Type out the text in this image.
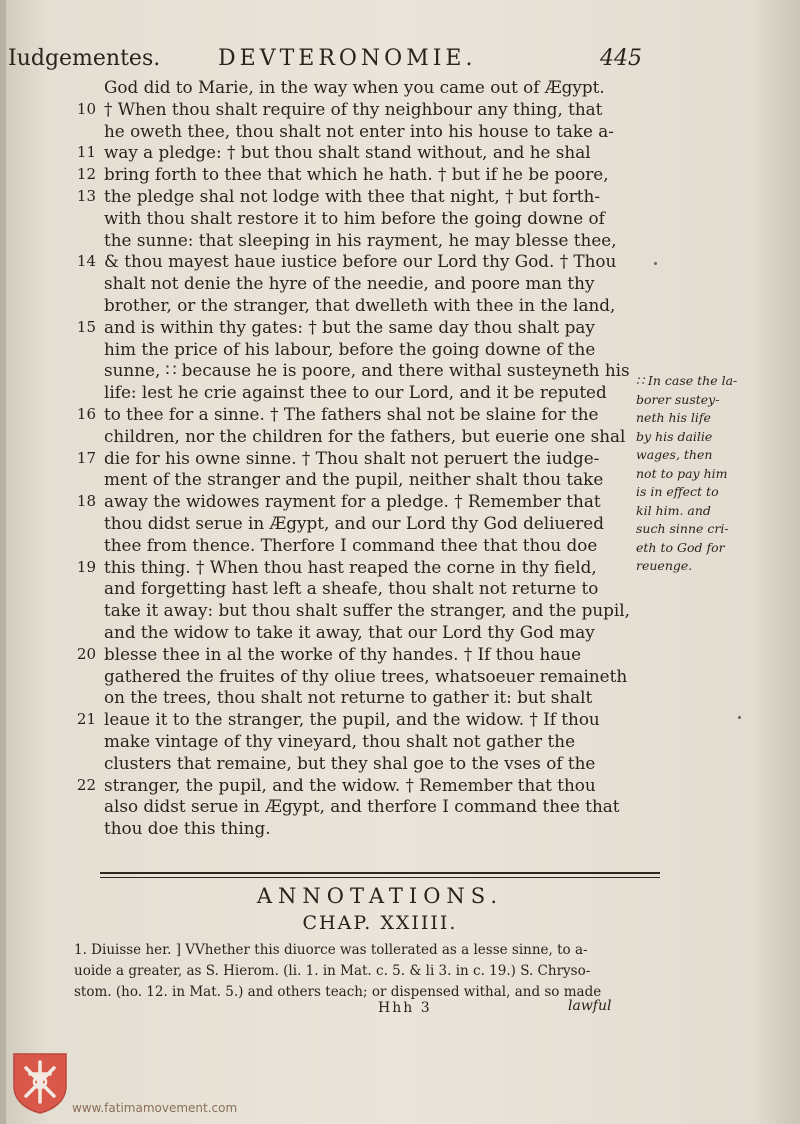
Iudgementes.	DEVTERONOMIE.	445
God did to Marie, in the way when you came out of Ægypt.
10 † When thou shalt require of thy neighbour any thing, that
he oweth thee, thou shalt not enter into his house to take a-
11 way a pledge: † but thou shalt stand without, and he shal
12 bring forth to thee that which he hath. † but if he be poore,
13 the pledge shal not lodge with thee that night, † but forth-
with thou shalt restore it to him before the going downe of
the sunne: that sleeping in his rayment, he may blesse thee,
14 & thou mayest haue iustice before our Lord thy God. † Thou
shalt not denie the hyre of the needie, and poore man thy
brother, or the stranger, that dwelleth with thee in the land,
15 and is within thy gates: † but the same day thou shalt pay
him the price of his labour, before the going downe of the
sunne, ∷ because he is poore, and there withal susteyneth his
life: lest he crie against thee to our Lord, and it be reputed
16 to thee for a sinne. † The fathers shal not be slaine for the
children, nor the children for the fathers, but euerie one shal
17 die for his owne sinne. † Thou shalt not peruert the iudge-
ment of the stranger and the pupil, neither shalt thou take
18 away the widowes rayment for a pledge. † Remember that
thou didst serue in Ægypt, and our Lord thy God deliuered
thee from thence. Therfore I command thee that thou doe
19 this thing. † When thou hast reaped the corne in thy field,
and forgetting hast left a sheafe, thou shalt not returne to
take it away: but thou shalt suffer the stranger, and the pupil,
and the widow to take it away, that our Lord thy God may
20 blesse thee in al the worke of thy handes. † If thou haue
gathered the fruites of thy oliue trees, whatsoeuer remaineth
on the trees, thou shalt not returne to gather it: but shalt
21 leaue it to the stranger, the pupil, and the widow. † If thou
make vintage of thy vineyard, thou shalt not gather the
clusters that remaine, but they shal goe to the vses of the
22 stranger, the pupil, and the widow. † Remember that thou
also didst serue in Ægypt, and therfore I command thee that
thou doe this thing.
∷ In case the la-
borer sustey-
neth his life
by his dailie
wages, then
not to pay him
is in effect to
kil him. and
such sinne cri-
eth to God for
reuenge.
ANNOTATIONS.
CHAP. XXIIII.
1. Diuisse her. ] VVhether this diuorce was tollerated as a lesse sinne, to a-
uoide a greater, as S. Hierom. (li. 1. in Mat. c. 5. & li 3. in c. 19.) S. Chryso-
stom. (ho. 12. in Mat. 5.) and others teach; or dispensed withal, and so made
Hhh 3	lawful
www.fatimamovement.com
